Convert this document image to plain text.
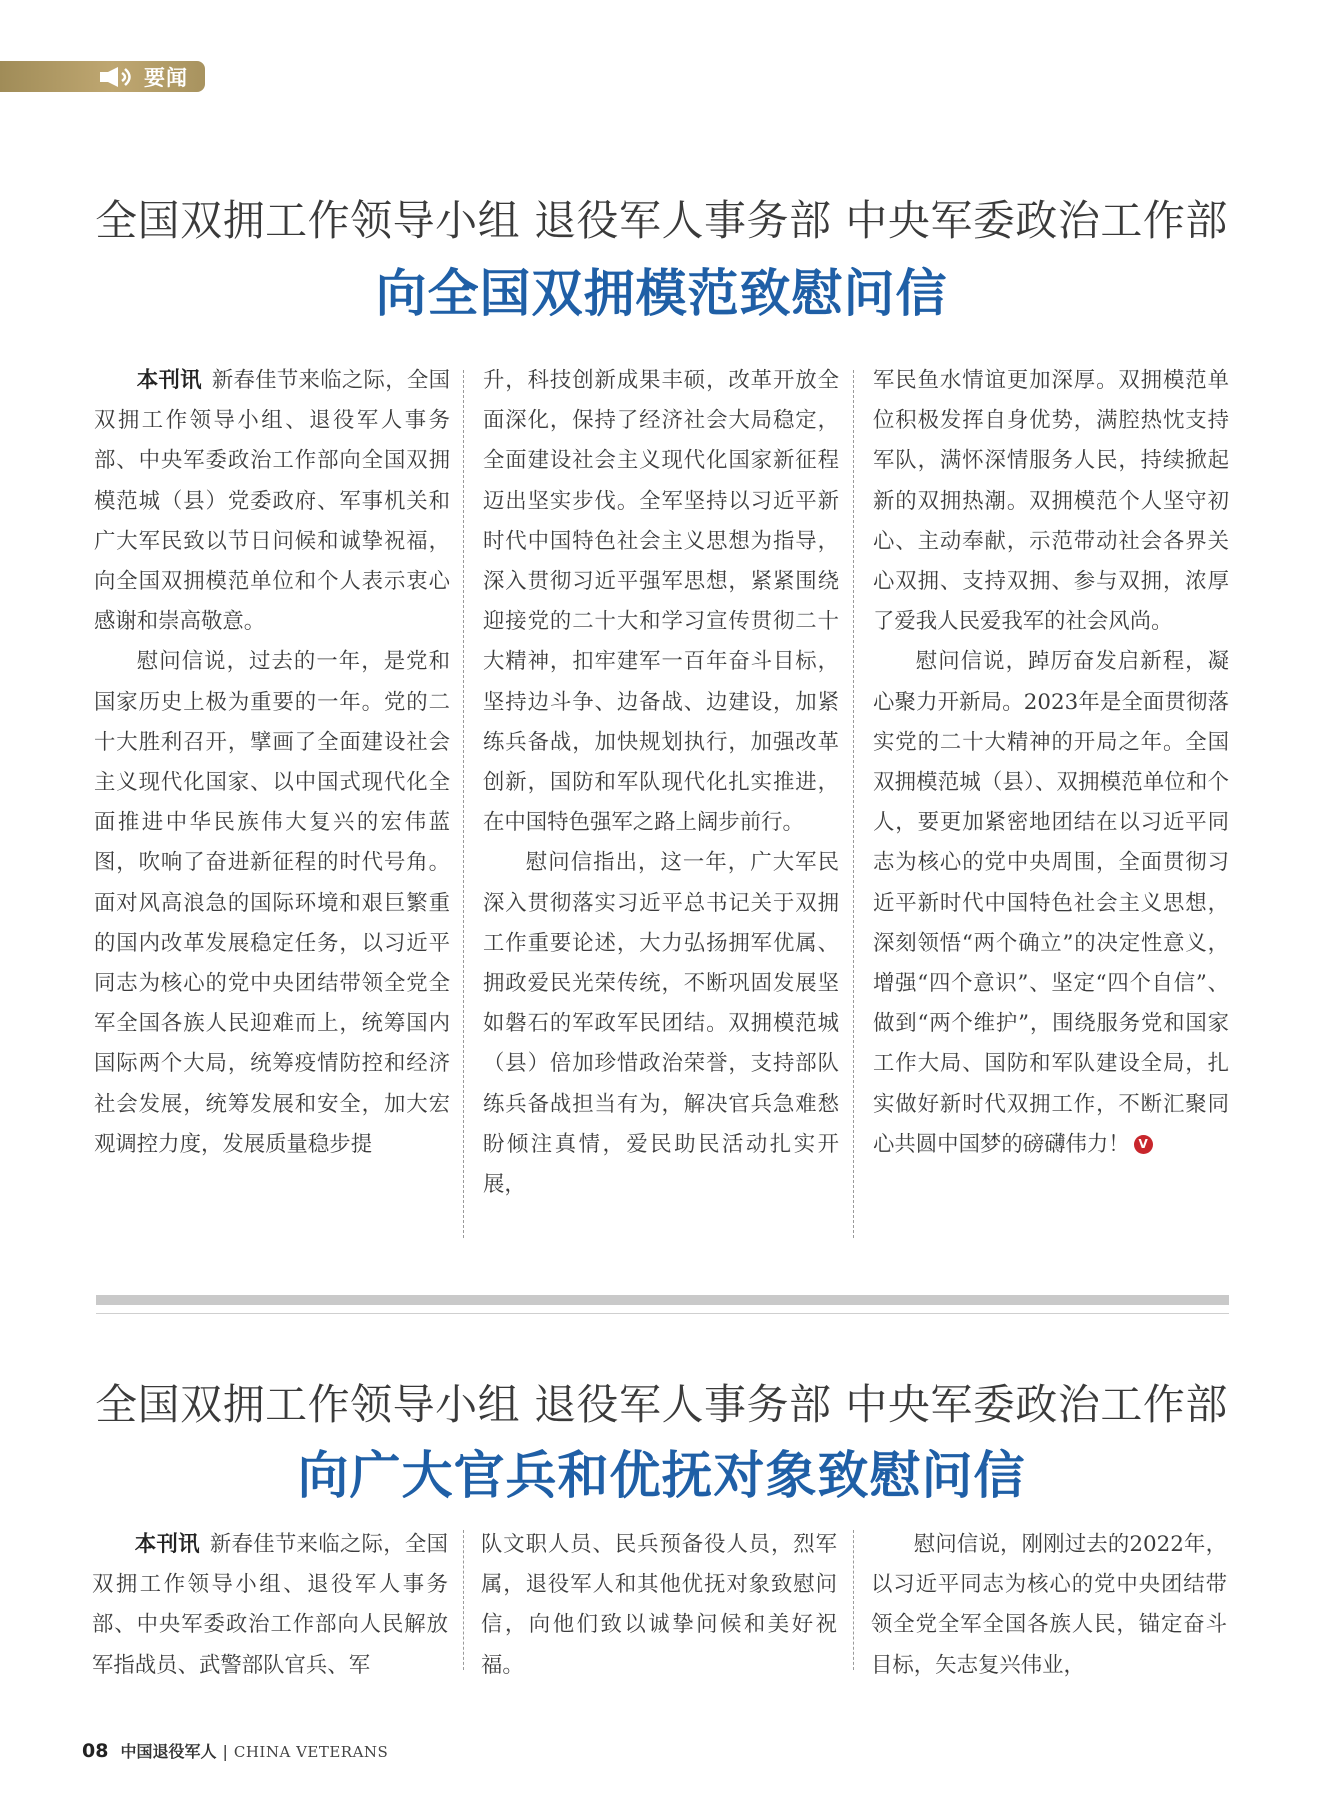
要闻
全国双拥工作领导小组 退役军人事务部 中央军委政治工作部
向全国双拥模范致慰问信

本刊讯 新春佳节来临之际，全国双拥工作领导小组、退役军人事务部、中央军委政治工作部向全国双拥模范城（县）党委政府、军事机关和广大军民致以节日问候和诚挚祝福，向全国双拥模范单位和个人表示衷心感谢和崇高敬意。

慰问信说，过去的一年，是党和国家历史上极为重要的一年。党的二十大胜利召开，擘画了全面建设社会主义现代化国家、以中国式现代化全面推进中华民族伟大复兴的宏伟蓝图，吹响了奋进新征程的时代号角。面对风高浪急的国际环境和艰巨繁重的国内改革发展稳定任务，以习近平同志为核心的党中央团结带领全党全军全国各族人民迎难而上，统筹国内国际两个大局，统筹疫情防控和经济社会发展，统筹发展和安全，加大宏观调控力度，发展质量稳步提

升，科技创新成果丰硕，改革开放全面深化，保持了经济社会大局稳定，全面建设社会主义现代化国家新征程迈出坚实步伐。全军坚持以习近平新时代中国特色社会主义思想为指导，深入贯彻习近平强军思想，紧紧围绕迎接党的二十大和学习宣传贯彻二十大精神，扣牢建军一百年奋斗目标，坚持边斗争、边备战、边建设，加紧练兵备战，加快规划执行，加强改革创新，国防和军队现代化扎实推进，在中国特色强军之路上阔步前行。

慰问信指出，这一年，广大军民深入贯彻落实习近平总书记关于双拥工作重要论述，大力弘扬拥军优属、拥政爱民光荣传统，不断巩固发展坚如磐石的军政军民团结。双拥模范城（县）倍加珍惜政治荣誉，支持部队练兵备战担当有为，解决官兵急难愁盼倾注真情，爱民助民活动扎实开展，

军民鱼水情谊更加深厚。双拥模范单位积极发挥自身优势，满腔热忱支持军队，满怀深情服务人民，持续掀起新的双拥热潮。双拥模范个人坚守初心、主动奉献，示范带动社会各界关心双拥、支持双拥、参与双拥，浓厚了爱我人民爱我军的社会风尚。

慰问信说，踔厉奋发启新程，凝心聚力开新局。2023年是全面贯彻落实党的二十大精神的开局之年。全国双拥模范城（县）、双拥模范单位和个人，要更加紧密地团结在以习近平同志为核心的党中央周围，全面贯彻习近平新时代中国特色社会主义思想，深刻领悟“两个确立”的决定性意义，增强“四个意识”、坚定“四个自信”、做到“两个维护”，围绕服务党和国家工作大局、国防和军队建设全局，扎实做好新时代双拥工作，不断汇聚同心共圆中国梦的磅礴伟力！ V

全国双拥工作领导小组 退役军人事务部 中央军委政治工作部
向广大官兵和优抚对象致慰问信

本刊讯 新春佳节来临之际，全国双拥工作领导小组、退役军人事务部、中央军委政治工作部向人民解放军指战员、武警部队官兵、军

队文职人员、民兵预备役人员，烈军属，退役军人和其他优抚对象致慰问信，向他们致以诚挚问候和美好祝福。

慰问信说，刚刚过去的2022年，以习近平同志为核心的党中央团结带领全党全军全国各族人民，锚定奋斗目标，矢志复兴伟业，

08 中国退役军人 | CHINA VETERANS
